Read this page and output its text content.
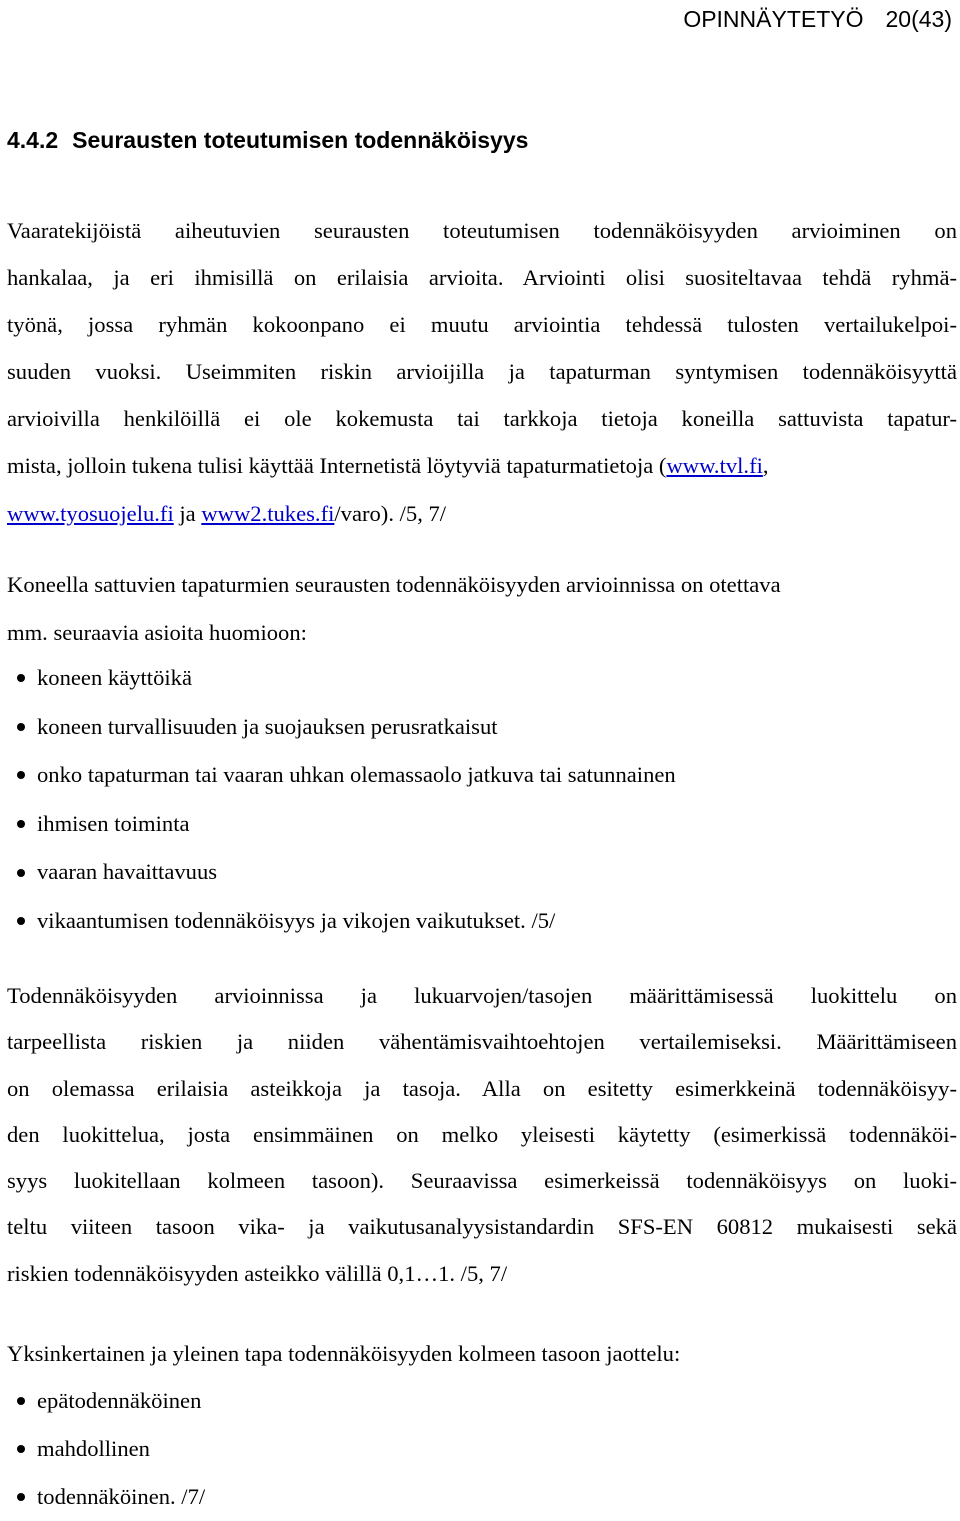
OPINNÄYTETYÖ 20(43)
4.4.2 Seurausten toteutumisen todennäköisyys
Vaaratekijöistä aiheutuvien seurausten toteutumisen todennäköisyyden arvioiminen on
hankalaa, ja eri ihmisillä on erilaisia arvioita. Arviointi olisi suositeltavaa tehdä ryhmä-
työnä, jossa ryhmän kokoonpano ei muutu arviointia tehdessä tulosten vertailukelpoi-
suuden vuoksi. Useimmiten riskin arvioijilla ja tapaturman syntymisen todennäköisyyttä
arvioivilla henkilöillä ei ole kokemusta tai tarkkoja tietoja koneilla sattuvista tapatur-
mista, jolloin tukena tulisi käyttää Internetistä löytyviä tapaturmatietoja (www.tvl.fi,
www.tyosuojelu.fi ja www2.tukes.fi/varo). /5, 7/
Koneella sattuvien tapaturmien seurausten todennäköisyyden arvioinnissa on otettava
mm. seuraavia asioita huomioon:
koneen käyttöikä
koneen turvallisuuden ja suojauksen perusratkaisut
onko tapaturman tai vaaran uhkan olemassaolo jatkuva tai satunnainen
ihmisen toiminta
vaaran havaittavuus
vikaantumisen todennäköisyys ja vikojen vaikutukset. /5/
Todennäköisyyden arvioinnissa ja lukuarvojen/tasojen määrittämisessä luokittelu on
tarpeellista riskien ja niiden vähentämisvaihtoehtojen vertailemiseksi. Määrittämiseen
on olemassa erilaisia asteikkoja ja tasoja. Alla on esitetty esimerkkeinä todennäköisyy-
den luokittelua, josta ensimmäinen on melko yleisesti käytetty (esimerkissä todennäköi-
syys luokitellaan kolmeen tasoon). Seuraavissa esimerkeissä todennäköisyys on luoki-
teltu viiteen tasoon vika- ja vaikutusanalyysistandardin SFS-EN 60812 mukaisesti sekä
riskien todennäköisyyden asteikko välillä 0,1…1. /5, 7/
Yksinkertainen ja yleinen tapa todennäköisyyden kolmeen tasoon jaottelu:
epätodennäköinen
mahdollinen
todennäköinen. /7/
